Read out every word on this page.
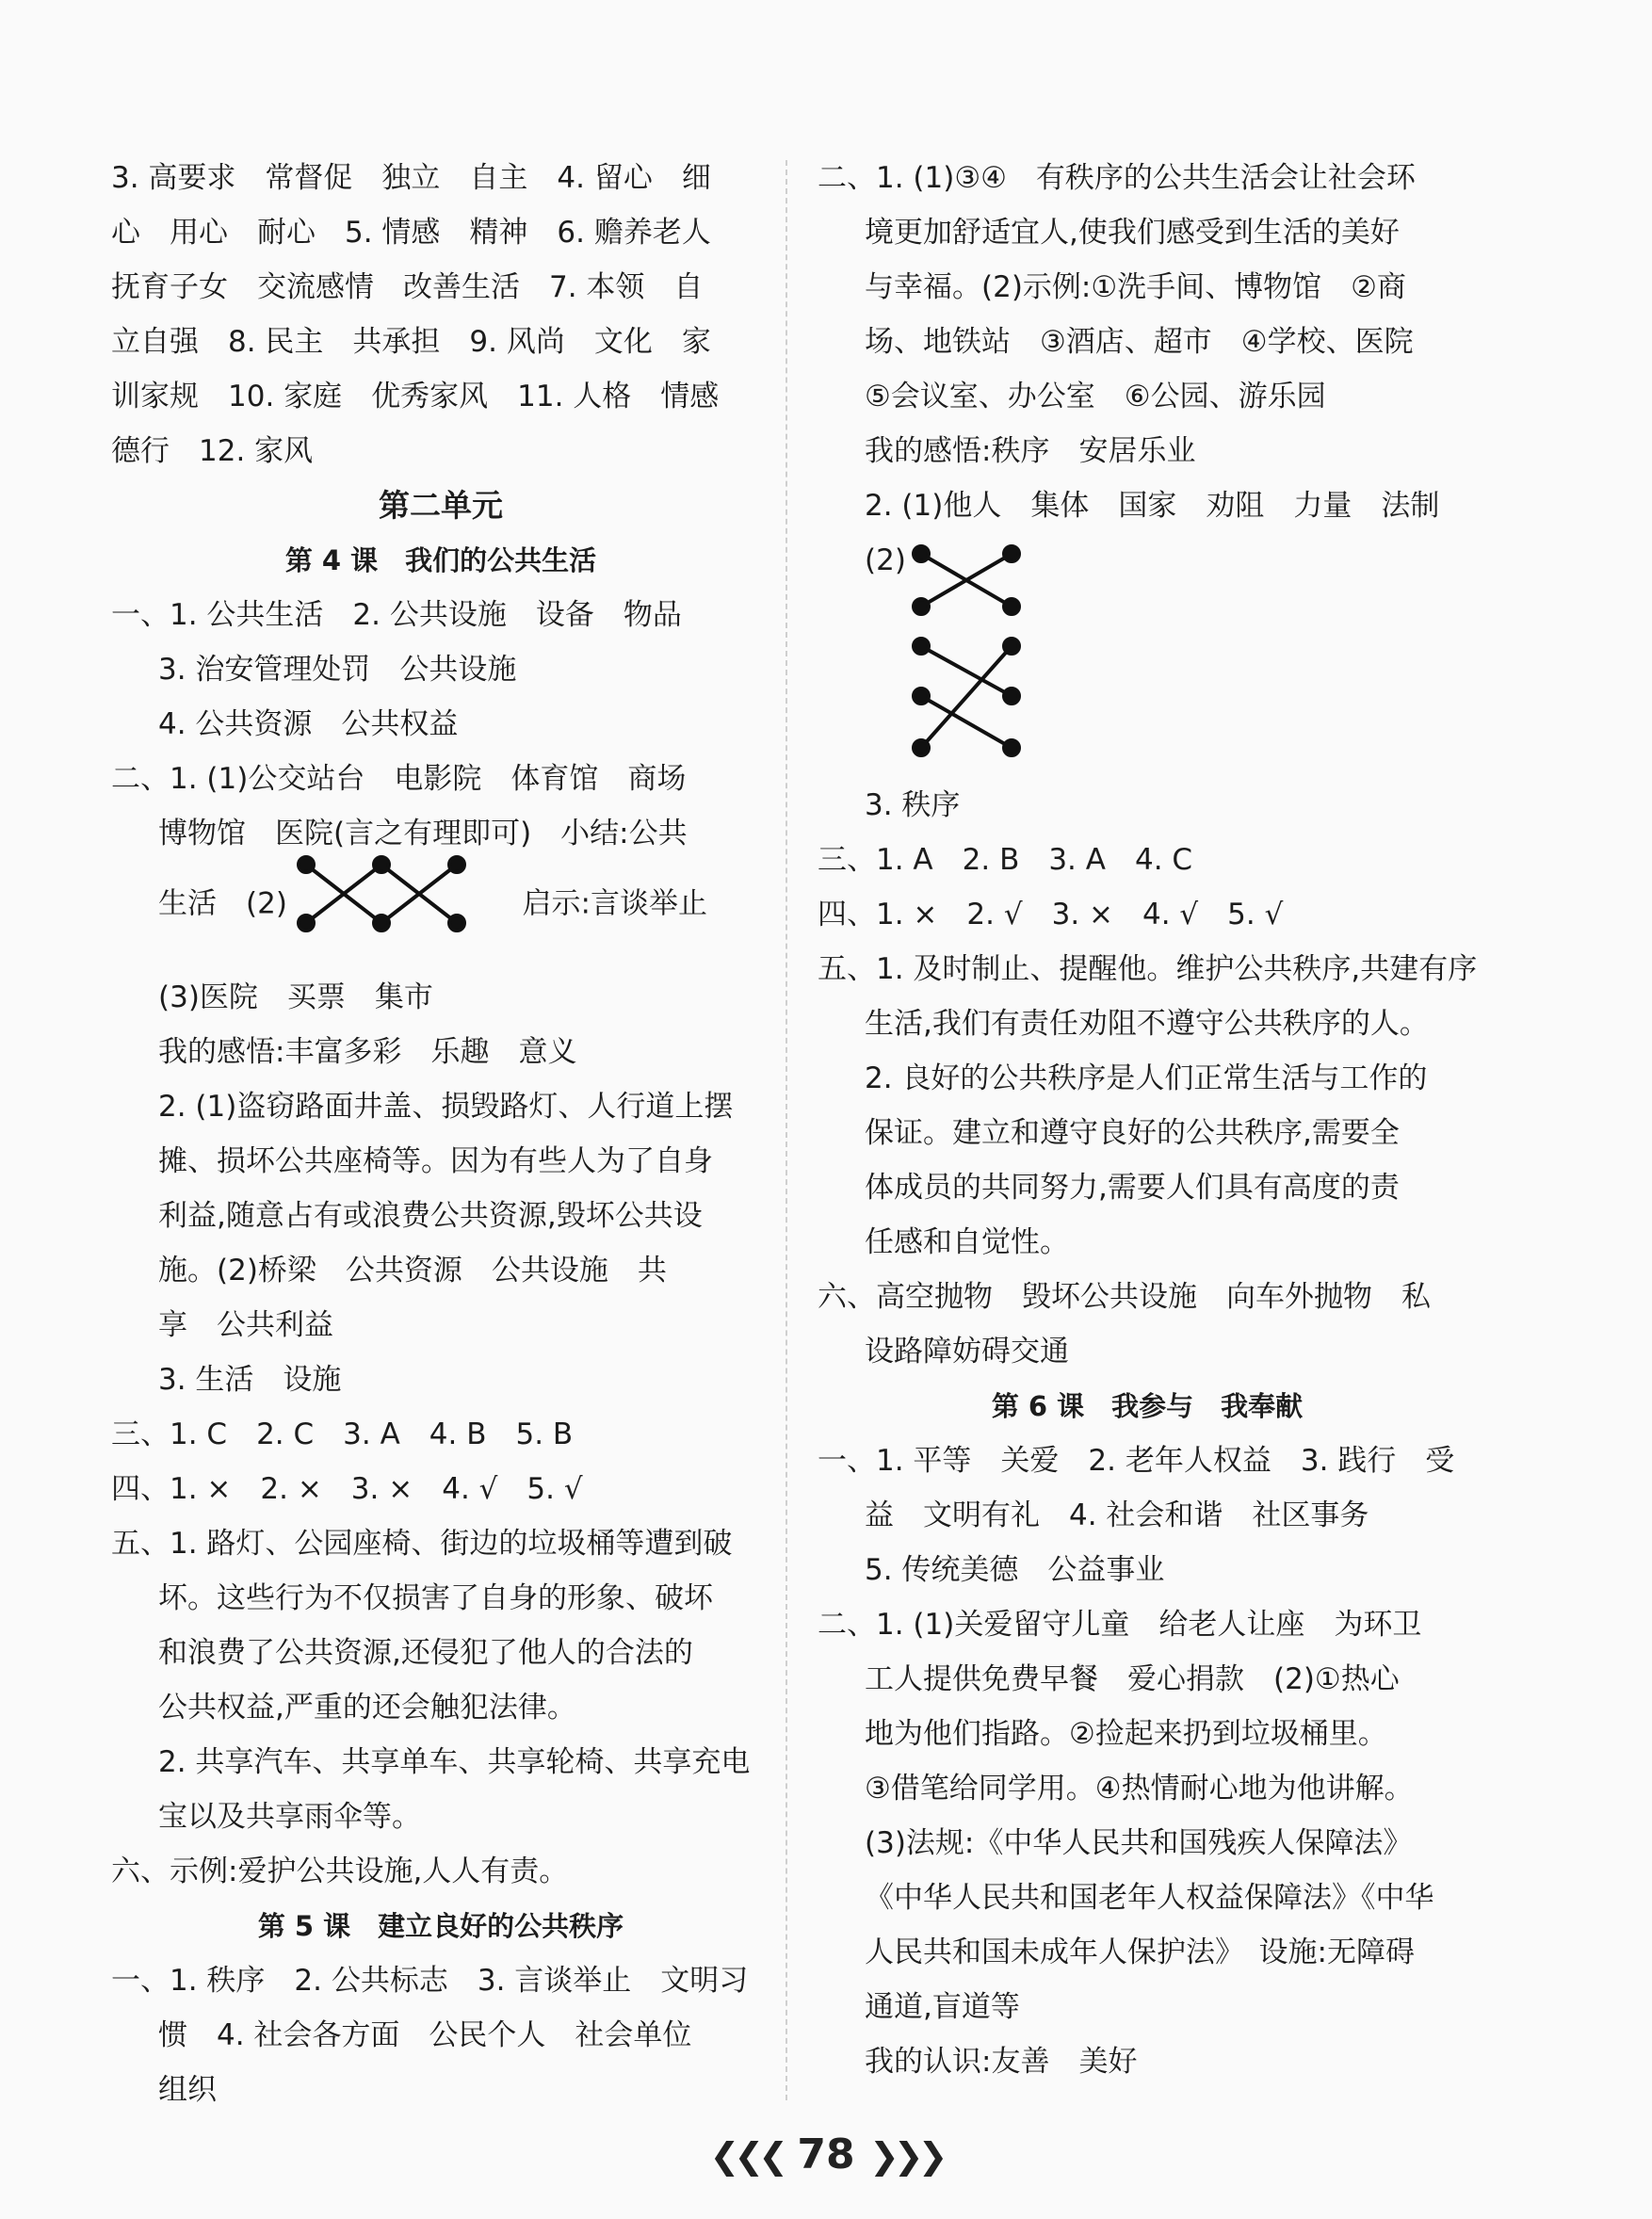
3. 高要求　常督促　独立　自主　4. 留心　细
心　用心　耐心　5. 情感　精神　6. 赡养老人
抚育子女　交流感情　改善生活　7. 本领　自
立自强　8. 民主　共承担　9. 风尚　文化　家
训家规　10. 家庭　优秀家风　11. 人格　情感
德行　12. 家风
第二单元
第 4 课　我们的公共生活
一、1. 公共生活　2. 公共设施　设备　物品
3. 治安管理处罚　公共设施
4. 公共资源　公共权益
二、1. (1)公交站台　电影院　体育馆　商场
博物馆　医院(言之有理即可)　小结:公共
生活　(2)	启示:言谈举止
(3)医院　买票　集市
我的感悟:丰富多彩　乐趣　意义
2. (1)盗窃路面井盖、损毁路灯、人行道上摆
摊、损坏公共座椅等。因为有些人为了自身
利益,随意占有或浪费公共资源,毁坏公共设
施。(2)桥梁　公共资源　公共设施　共
享　公共利益
3. 生活　设施
三、1. C　2. C　3. A　4. B　5. B
四、1. ×　2. ×　3. ×　4. √　5. √
五、1. 路灯、公园座椅、街边的垃圾桶等遭到破
坏。这些行为不仅损害了自身的形象、破坏
和浪费了公共资源,还侵犯了他人的合法的
公共权益,严重的还会触犯法律。
2. 共享汽车、共享单车、共享轮椅、共享充电
宝以及共享雨伞等。
六、示例:爱护公共设施,人人有责。
第 5 课　建立良好的公共秩序
一、1. 秩序　2. 公共标志　3. 言谈举止　文明习
惯　4. 社会各方面　公民个人　社会单位
组织
二、1. (1)③④　有秩序的公共生活会让社会环
境更加舒适宜人,使我们感受到生活的美好
与幸福。(2)示例:①洗手间、博物馆　②商
场、地铁站　③酒店、超市　④学校、医院
⑤会议室、办公室　⑥公园、游乐园
我的感悟:秩序　安居乐业
2. (1)他人　集体　国家　劝阻　力量　法制
(2)
3. 秩序
三、1. A　2. B　3. A　4. C
四、1. ×　2. √　3. ×　4. √　5. √
五、1. 及时制止、提醒他。维护公共秩序,共建有序
生活,我们有责任劝阻不遵守公共秩序的人。
2. 良好的公共秩序是人们正常生活与工作的
保证。建立和遵守良好的公共秩序,需要全
体成员的共同努力,需要人们具有高度的责
任感和自觉性。
六、高空抛物　毁坏公共设施　向车外抛物　私
设路障妨碍交通
第 6 课　我参与　我奉献
一、1. 平等　关爱　2. 老年人权益　3. 践行　受
益　文明有礼　4. 社会和谐　社区事务
5. 传统美德　公益事业
二、1. (1)关爱留守儿童　给老人让座　为环卫
工人提供免费早餐　爱心捐款　(2)①热心
地为他们指路。②捡起来扔到垃圾桶里。
③借笔给同学用。④热情耐心地为他讲解。
(3)法规:《中华人民共和国残疾人保障法》
《中华人民共和国老年人权益保障法》《中华
人民共和国未成年人保护法》　设施:无障碍
通道,盲道等
我的认识:友善　美好
❮❮❮ 78 ❯❯❯
